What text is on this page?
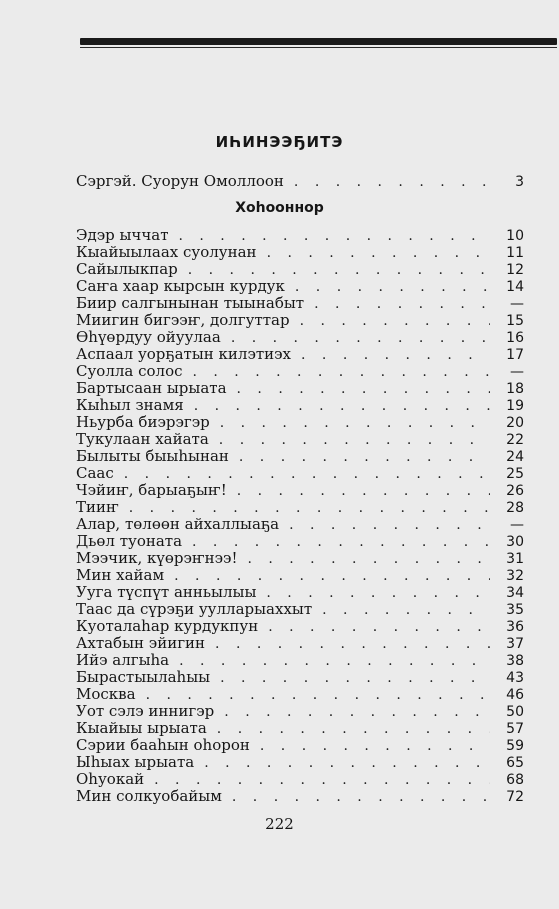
ИҺИНЭЭҔИТЭ
Сэргэй. Суорун Омоллоон . . .	3
Хоhооннор
Эдэр ыччат . . .	10
Кыайыылаах суолунан . . .	11
Сайылыкпар . . .	12
Саҥа хаар кырсын курдук . . .	14
Биир салгынынан тыынабыт . . .	—
Миигин бигээҥ, долгуттар . . .	15
Өһүөрдуу ойуулаа . . .	16
Аспаал уорҕатын килэтиэх . . .	17
Суолла солос . . .	—
Бартысаан ырыата . . .	18
Кыһыл знамя . . .	19
Ньурба биэрэгэр . . .	20
Тукулаан хайата . . .	22
Былыты быыһынан . . .	24
Саас . . .	25
Чэйиҥ, барыаҕыҥ! . . .	26
Тииҥ . . .	28
Алар, төлөөн айхаллыаҕа . . .	—
Дьөл туоната . . .	30
Мээчик, күөрэҥнээ! . . .	31
Мин хайам . . .	32
Ууга түспүт анньылыы . . .	34
Таас да сүрэҕи уулларыаххыт . . .	35
Куоталаһар курдукпун . . .	36
Ахтабын эйигин . . .	37
Ийэ алгыһа . . .	38
Бырастыылаһыы . . .	43
Москва . . .	46
Уот сэлэ иннигэр . . .	50
Кыайыы ырыата . . .	57
Сэрии бааһын оһорон . . .	59
Ыһыах ырыата . . .	65
Оһуокай . . .	68
Мин солкуобайым . . .	72
222
